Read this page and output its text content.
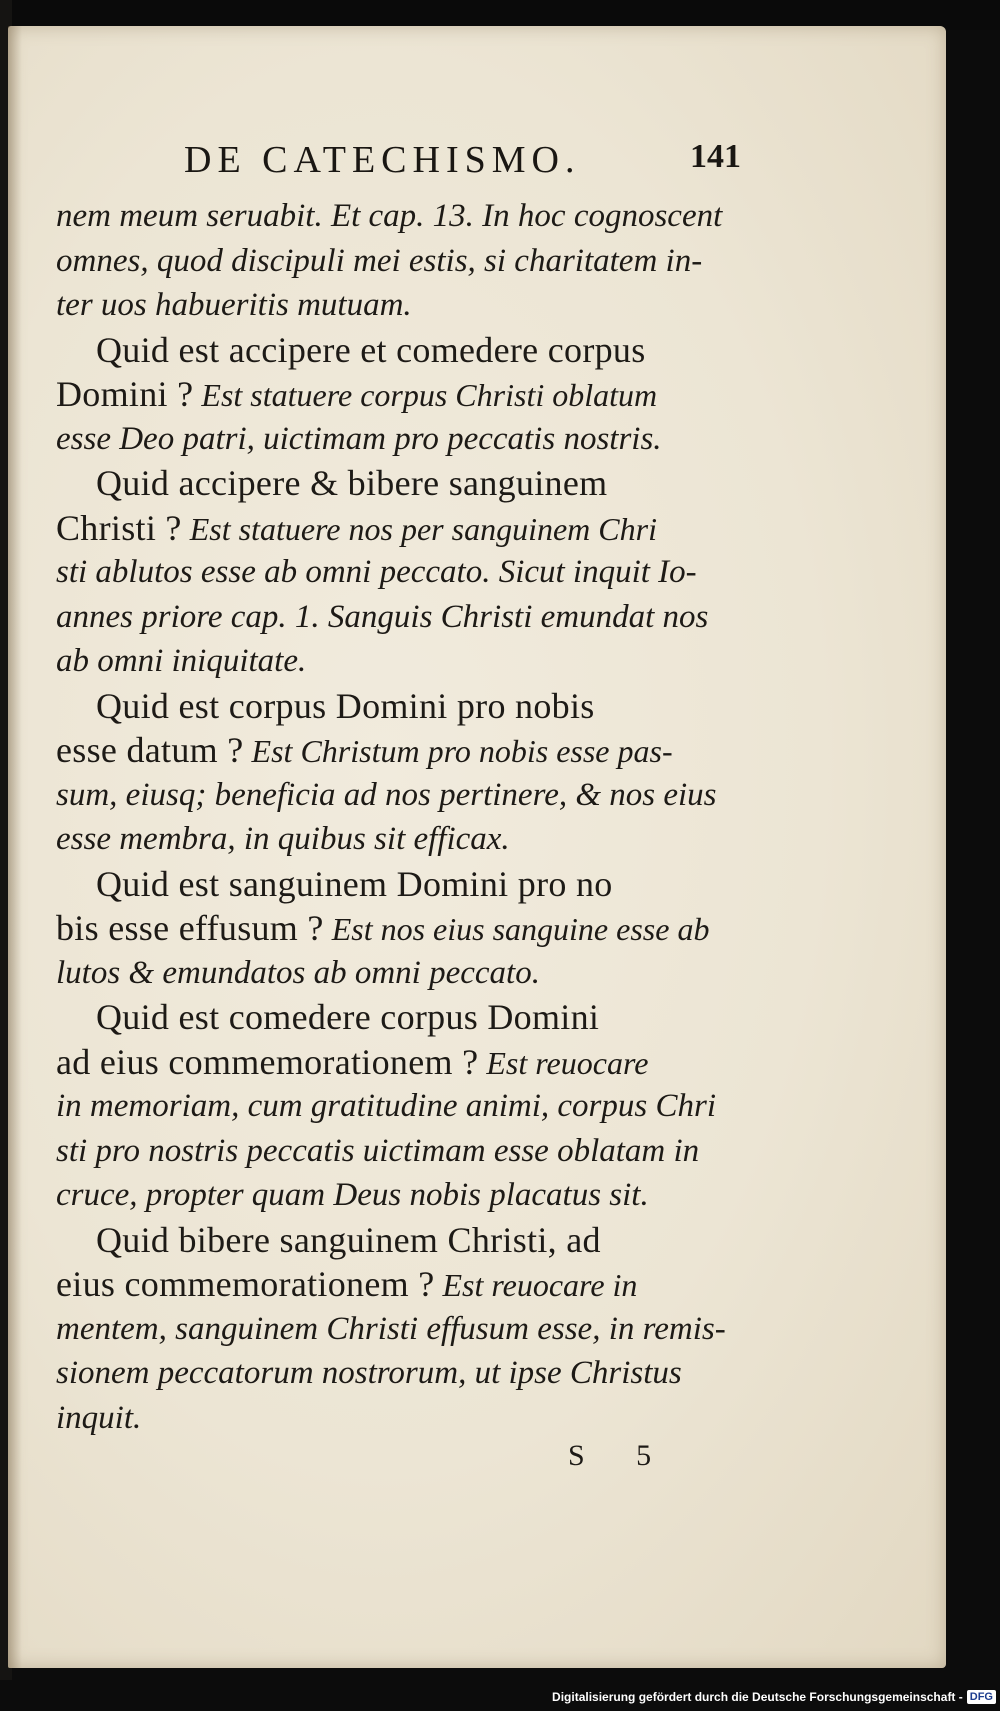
DE CATECHISMO.	141
nem meum seruabit. Et cap. 13. In hoc cognoscent
omnes, quod discipuli mei estis, si charitatem in-
ter uos habueritis mutuam.
Quid est accipere et comedere corpus
Domini ? Est statuere corpus Christi oblatum
esse Deo patri, uictimam pro peccatis nostris.
Quid accipere & bibere sanguinem
Christi ? Est statuere nos per sanguinem Chri
sti ablutos esse ab omni peccato. Sicut inquit Io-
annes priore cap. 1. Sanguis Christi emundat nos
ab omni iniquitate.
Quid est corpus Domini pro nobis
esse datum ? Est Christum pro nobis esse pas-
sum, eiusq; beneficia ad nos pertinere, & nos eius
esse membra, in quibus sit efficax.
Quid est sanguinem Domini pro no
bis esse effusum ? Est nos eius sanguine esse ab
lutos & emundatos ab omni peccato.
Quid est comedere corpus Domini
ad eius commemorationem ? Est reuocare
in memoriam, cum gratitudine animi, corpus Chri
sti pro nostris peccatis uictimam esse oblatam in
cruce, propter quam Deus nobis placatus sit.
Quid bibere sanguinem Christi, ad
eius commemorationem ? Est reuocare in
mentem, sanguinem Christi effusum esse, in remis-
sionem peccatorum nostrorum, ut ipse Christus
inquit.
S 5
Digitalisierung gefördert durch die Deutsche Forschungsgemeinschaft - DFG
